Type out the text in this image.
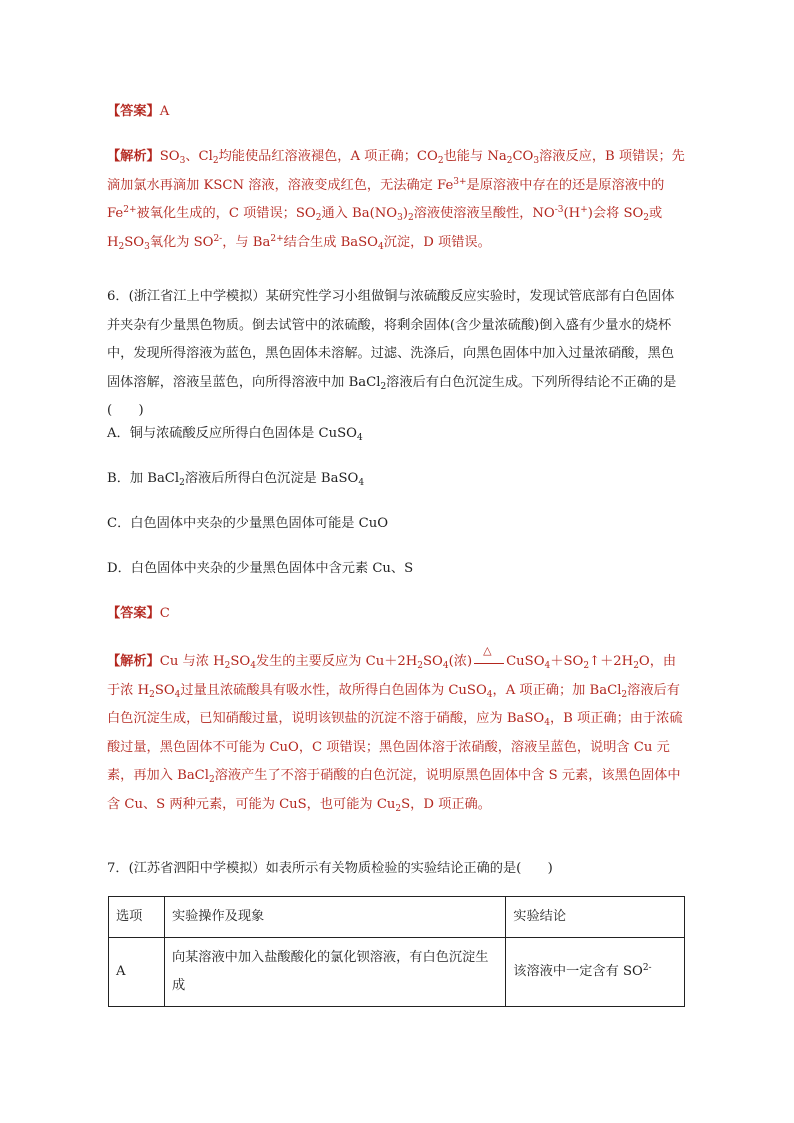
【答案】A
【解析】$SO_3$、$Cl_2$均能使品红溶液褪色，A 项正确；$CO_2$也能与 $Na_2CO_3$溶液反应，B 项错误；先滴加氯水再滴加 KSCN 溶液，溶液变成红色，无法确定 $Fe^{3+}$是原溶液中存在的还是原溶液中的 $Fe^{2+}$被氧化生成的，C 项错误；$SO_2$通入 $Ba(NO_3)_2$溶液使溶液呈酸性，$NO^{-3}(H^+)$会将 $SO_2$或 $H_2SO_3$氧化为 $SO^{2-}$，与 $Ba^{2+}$结合生成 BaSO$_4$沉淀，D 项错误。
6．(浙江省江上中学模拟）某研究性学习小组做铜与浓硫酸反应实验时，发现试管底部有白色固体并夹杂有少量黑色物质。倒去试管中的浓硫酸，将剩余固体(含少量浓硫酸)倒入盛有少量水的烧杯中，发现所得溶液为蓝色，黑色固体未溶解。过滤、洗涤后，向黑色固体中加入过量浓硝酸，黑色固体溶解，溶液呈蓝色，向所得溶液中加 BaCl$_2$溶液后有白色沉淀生成。下列所得结论不正确的是(　　)
A．铜与浓硫酸反应所得白色固体是 CuSO$_4$
B．加 BaCl$_2$溶液后所得白色沉淀是 BaSO$_4$
C．白色固体中夹杂的少量黑色固体可能是 CuO
D．白色固体中夹杂的少量黑色固体中含元素 Cu、S
【答案】C
【解析】Cu 与浓 $H_2SO_4$发生的主要反应为 $Cu+2H_2SO_4$(浓)
△
$CuSO_4+SO_2↑+2H_2O$，由于浓 $H_2SO_4$过量且浓硫酸具有吸水性，故所得白色固体为 CuSO$_4$，A 项正确；加 BaCl$_2$溶液后有白色沉淀生成，已知硝酸过量，说明该钡盐的沉淀不溶于硝酸，应为 BaSO$_4$，B 项正确；由于浓硫酸过量，黑色固体不可能为 CuO，C 项错误；黑色固体溶于浓硝酸，溶液呈蓝色，说明含 Cu 元素，再加入 BaCl$_2$溶液产生了不溶于硝酸的白色沉淀，说明原黑色固体中含 S 元素，该黑色固体中含 Cu、S 两种元素，可能为 CuS，也可能为 $Cu_2S$，D 项正确。
7．(江苏省泗阳中学模拟）如表所示有关物质检验的实验结论正确的是(　　)
选项	实验操作及现象	实验结论
A	向某溶液中加入盐酸酸化的氯化钡溶液，有白色沉淀生成	该溶液中一定含有 $SO^{2-}$
